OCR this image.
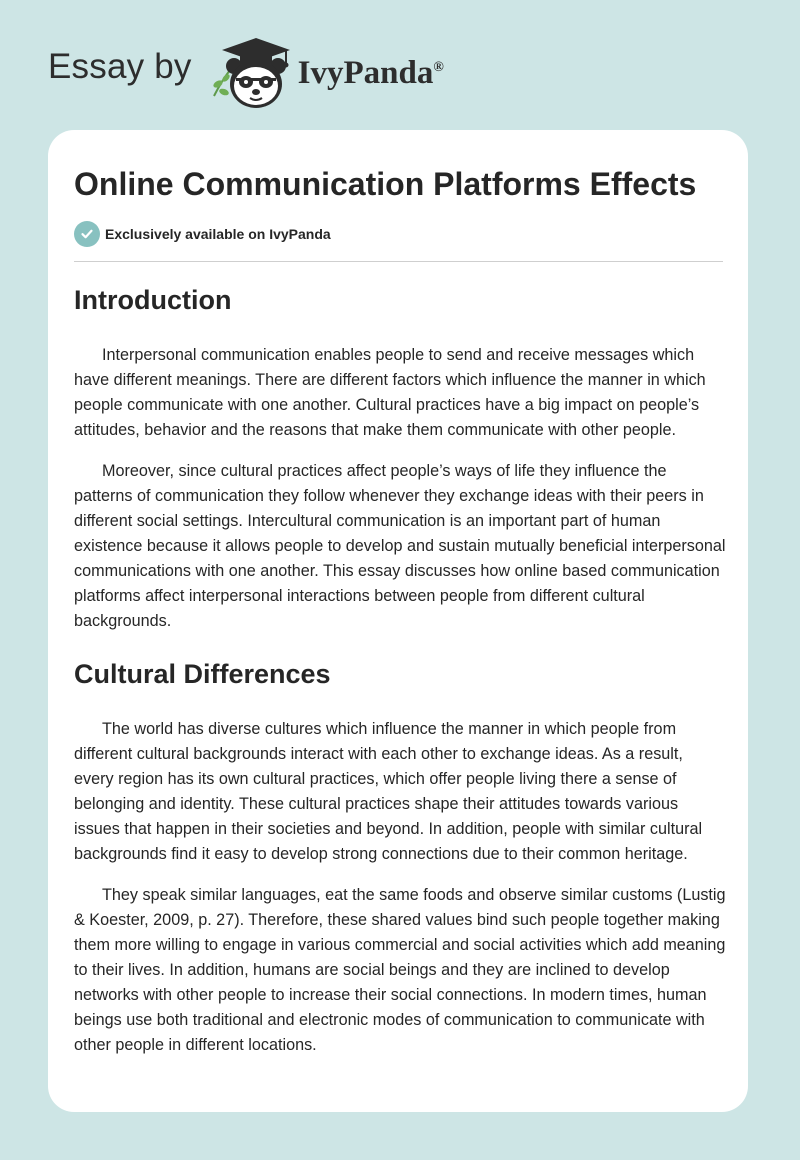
Essay by	IvyPanda®
Online Communication Platforms Effects
Exclusively available on IvyPanda
Introduction

Interpersonal communication enables people to send and receive messages which have different meanings. There are different factors which influence the manner in which people communicate with one another. Cultural practices have a big impact on people’s attitudes, behavior and the reasons that make them communicate with other people.

Moreover, since cultural practices affect people’s ways of life they influence the patterns of communication they follow whenever they exchange ideas with their peers in different social settings. Intercultural communication is an important part of human existence because it allows people to develop and sustain mutually beneficial interpersonal communications with one another. This essay discusses how online based communication platforms affect interpersonal interactions between people from different cultural backgrounds.

Cultural Differences

The world has diverse cultures which influence the manner in which people from different cultural backgrounds interact with each other to exchange ideas. As a result, every region has its own cultural practices, which offer people living there a sense of belonging and identity. These cultural practices shape their attitudes towards various issues that happen in their societies and beyond. In addition, people with similar cultural backgrounds find it easy to develop strong connections due to their common heritage.

They speak similar languages, eat the same foods and observe similar customs (Lustig & Koester, 2009, p. 27). Therefore, these shared values bind such people together making them more willing to engage in various commercial and social activities which add meaning to their lives. In addition, humans are social beings and they are inclined to develop networks with other people to increase their social connections. In modern times, human beings use both traditional and electronic modes of communication to communicate with other people in different locations.
